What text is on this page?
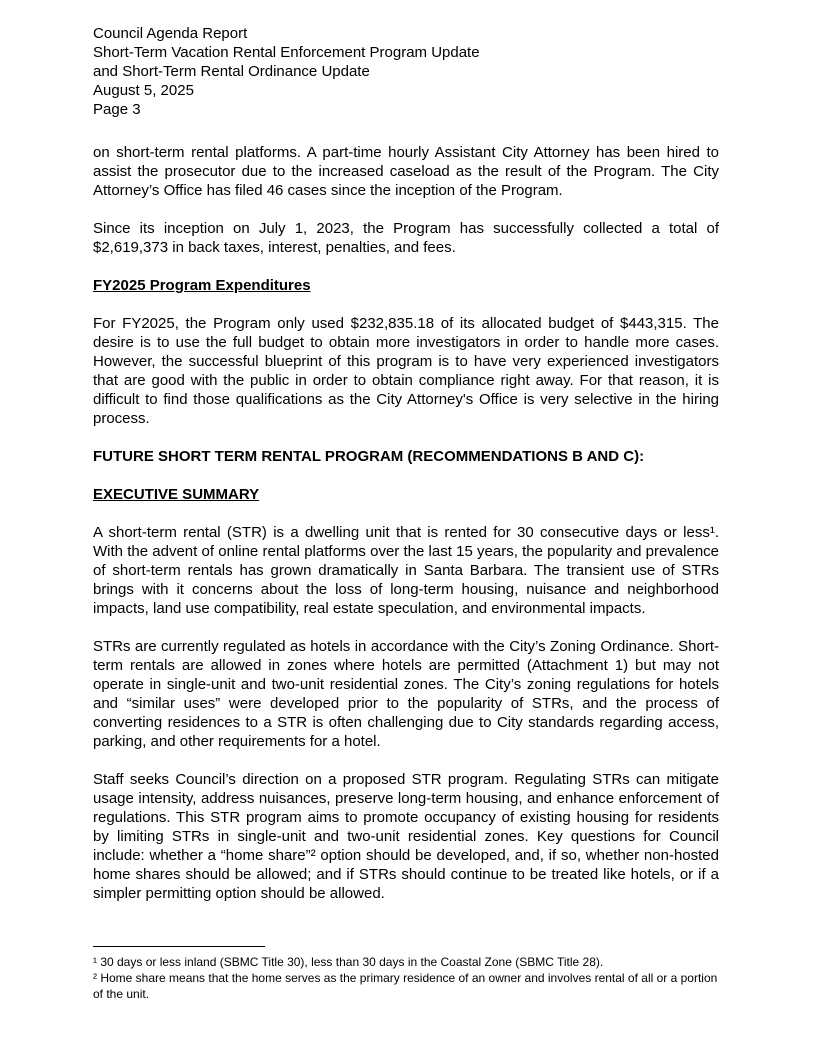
Council Agenda Report
Short-Term Vacation Rental Enforcement Program Update
and Short-Term Rental Ordinance Update
August 5, 2025
Page 3

on short-term rental platforms. A part-time hourly Assistant City Attorney has been hired to assist the prosecutor due to the increased caseload as the result of the Program. The City Attorney’s Office has filed 46 cases since the inception of the Program.

Since its inception on July 1, 2023, the Program has successfully collected a total of $2,619,373 in back taxes, interest, penalties, and fees.

FY2025 Program Expenditures

For FY2025, the Program only used $232,835.18 of its allocated budget of $443,315. The desire is to use the full budget to obtain more investigators in order to handle more cases. However, the successful blueprint of this program is to have very experienced investigators that are good with the public in order to obtain compliance right away. For that reason, it is difficult to find those qualifications as the City Attorney's Office is very selective in the hiring process.

FUTURE SHORT TERM RENTAL PROGRAM (RECOMMENDATIONS B AND C):
EXECUTIVE SUMMARY

A short-term rental (STR) is a dwelling unit that is rented for 30 consecutive days or less¹. With the advent of online rental platforms over the last 15 years, the popularity and prevalence of short-term rentals has grown dramatically in Santa Barbara. The transient use of STRs brings with it concerns about the loss of long-term housing, nuisance and neighborhood impacts, land use compatibility, real estate speculation, and environmental impacts.

STRs are currently regulated as hotels in accordance with the City’s Zoning Ordinance. Short-term rentals are allowed in zones where hotels are permitted (Attachment 1) but may not operate in single-unit and two-unit residential zones. The City’s zoning regulations for hotels and “similar uses” were developed prior to the popularity of STRs, and the process of converting residences to a STR is often challenging due to City standards regarding access, parking, and other requirements for a hotel.

Staff seeks Council’s direction on a proposed STR program. Regulating STRs can mitigate usage intensity, address nuisances, preserve long-term housing, and enhance enforcement of regulations. This STR program aims to promote occupancy of existing housing for residents by limiting STRs in single-unit and two-unit residential zones. Key questions for Council include: whether a “home share”² option should be developed, and, if so, whether non-hosted home shares should be allowed; and if STRs should continue to be treated like hotels, or if a simpler permitting option should be allowed.

¹ 30 days or less inland (SBMC Title 30), less than 30 days in the Coastal Zone (SBMC Title 28).

² Home share means that the home serves as the primary residence of an owner and involves rental of all or a portion of the unit.
